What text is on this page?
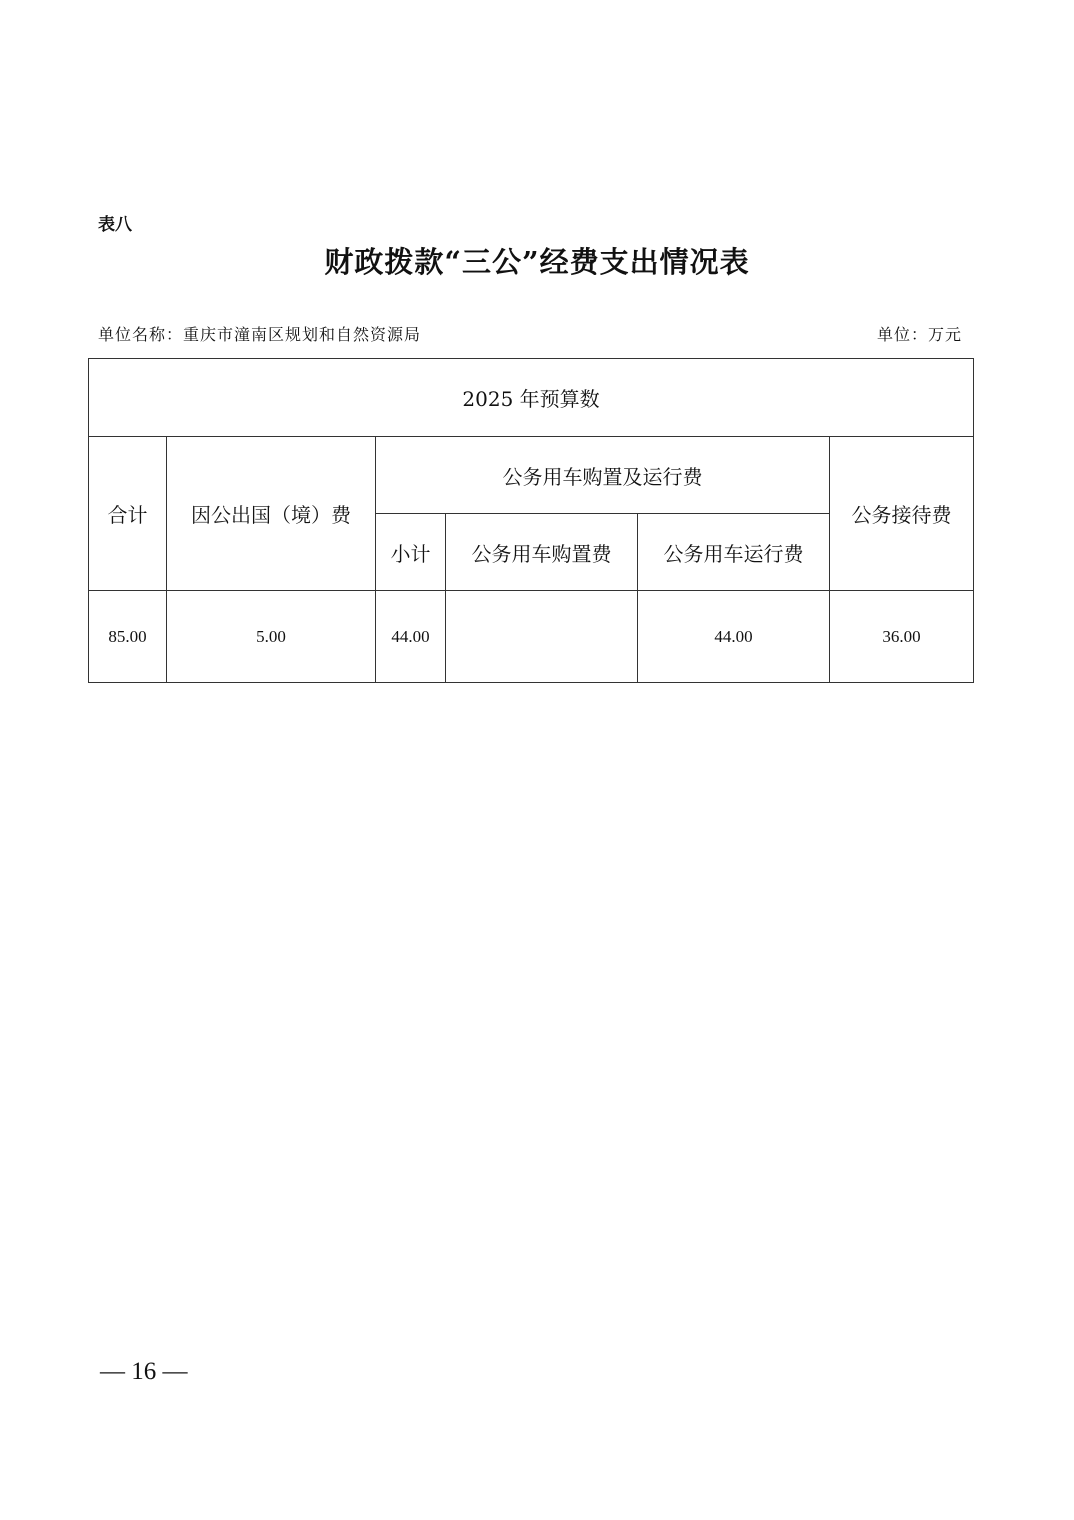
表八
财政拨款“三公”经费支出情况表
单位名称：重庆市潼南区规划和自然资源局	单位：万元
2025 年预算数					
合计	因公出国（境）费	公务用车购置及运行费			公务接待费
		小计	公务用车购置费	公务用车运行费	
85.00	5.00	44.00		44.00	36.00
— 16 —
